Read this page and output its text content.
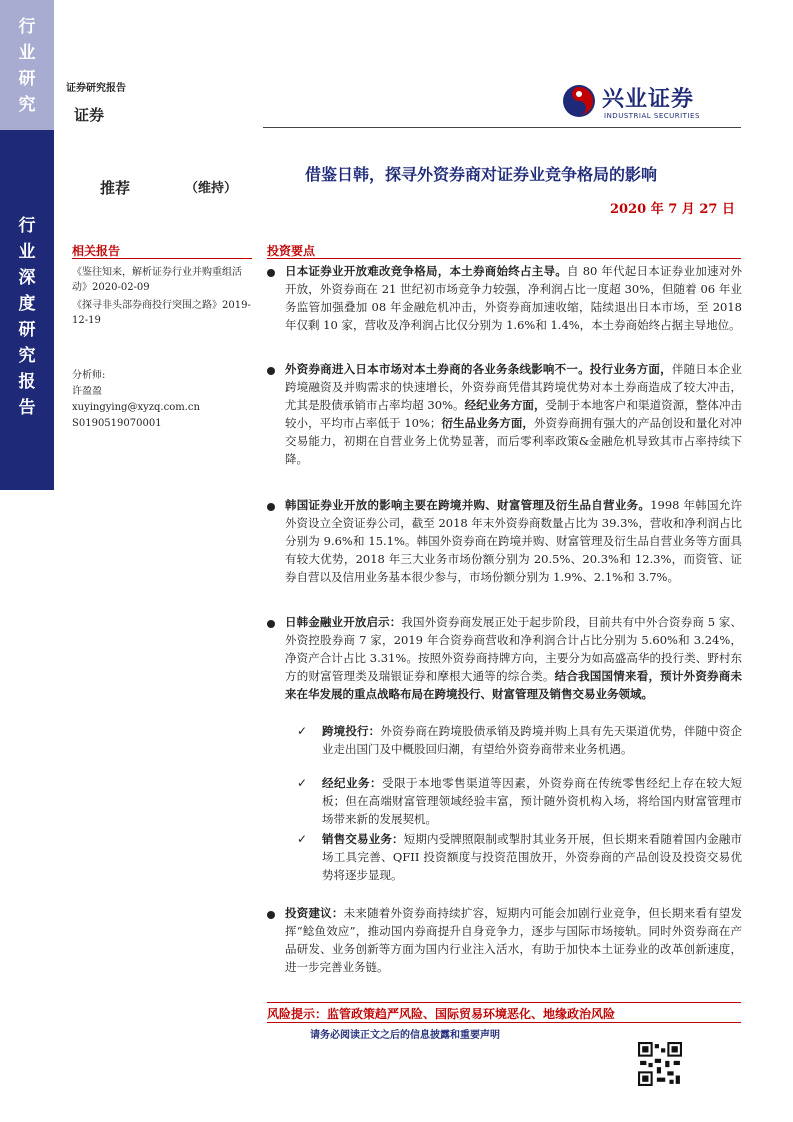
行
业
研
究
行
业
深
度
研
究
报
告
证券研究报告
证券
兴业证券
INDUSTRIAL SECURITIES
推荐	（维持）
借鉴日韩，探寻外资券商对证券业竞争格局的影响
2020 年 7 月 27 日
相关报告

《鉴往知来，解析证券行业并购重组活动》2020-02-09

《探寻非头部券商投行突围之路》2019-12-19

分析师:
许盈盈
xuyingying@xyzq.com.cn
S0190519070001
投资要点
日本证券业开放难改竞争格局，本土券商始终占主导。自 80 年代起日本证券业加速对外开放，外资券商在 21 世纪初市场竞争力较强，净利润占比一度超 30%，但随着 06 年业务监管加强叠加 08 年金融危机冲击，外资券商加速收缩，陆续退出日本市场，至 2018 年仅剩 10 家，营收及净利润占比仅分别为 1.6%和 1.4%，本土券商始终占据主导地位。
外资券商进入日本市场对本土券商的各业务条线影响不一。投行业务方面，伴随日本企业跨境融资及并购需求的快速增长，外资券商凭借其跨境优势对本土券商造成了较大冲击，尤其是股债承销市占率均超 30%。经纪业务方面，受制于本地客户和渠道资源，整体冲击较小，平均市占率低于 10%；衍生品业务方面，外资券商拥有强大的产品创设和量化对冲交易能力，初期在自营业务上优势显著，而后零利率政策&金融危机导致其市占率持续下降。
韩国证券业开放的影响主要在跨境并购、财富管理及衍生品自营业务。1998 年韩国允许外资设立全资证券公司，截至 2018 年末外资券商数量占比为 39.3%，营收和净利润占比分别为 9.6%和 15.1%。韩国外资券商在跨境并购、财富管理及衍生品自营业务等方面具有较大优势，2018 年三大业务市场份额分别为 20.5%、20.3%和 12.3%，而资管、证券自营以及信用业务基本很少参与，市场份额分别为 1.9%、2.1%和 3.7%。
日韩金融业开放启示：我国外资券商发展正处于起步阶段，目前共有中外合资券商 5 家、外资控股券商 7 家，2019 年合资券商营收和净利润合计占比分别为 5.60%和 3.24%，净资产合计占比 3.31%。按照外资券商持牌方向，主要分为如高盛高华的投行类、野村东方的财富管理类及瑞银证券和摩根大通等的综合类。结合我国国情来看，预计外资券商未来在华发展的重点战略布局在跨境投行、财富管理及销售交易业务领域。
✓ 跨境投行：外资券商在跨境股债承销及跨境并购上具有先天渠道优势，伴随中资企业走出国门及中概股回归潮，有望给外资券商带来业务机遇。
✓ 经纪业务：受限于本地零售渠道等因素，外资券商在传统零售经纪上存在较大短板；但在高端财富管理领域经验丰富，预计随外资机构入场，将给国内财富管理市场带来新的发展契机。
✓ 销售交易业务：短期内受牌照限制或掣肘其业务开展，但长期来看随着国内金融市场工具完善、QFII 投资额度与投资范围放开，外资券商的产品创设及投资交易优势将逐步显现。
投资建议：未来随着外资券商持续扩容，短期内可能会加剧行业竞争，但长期来看有望发挥“鲶鱼效应”，推动国内券商提升自身竞争力，逐步与国际市场接轨。同时外资券商在产品研发、业务创新等方面为国内行业注入活水，有助于加快本土证券业的改革创新速度，进一步完善业务链。
风险提示：监管政策趋严风险、国际贸易环境恶化、地缘政治风险
请务必阅读正文之后的信息披露和重要声明
